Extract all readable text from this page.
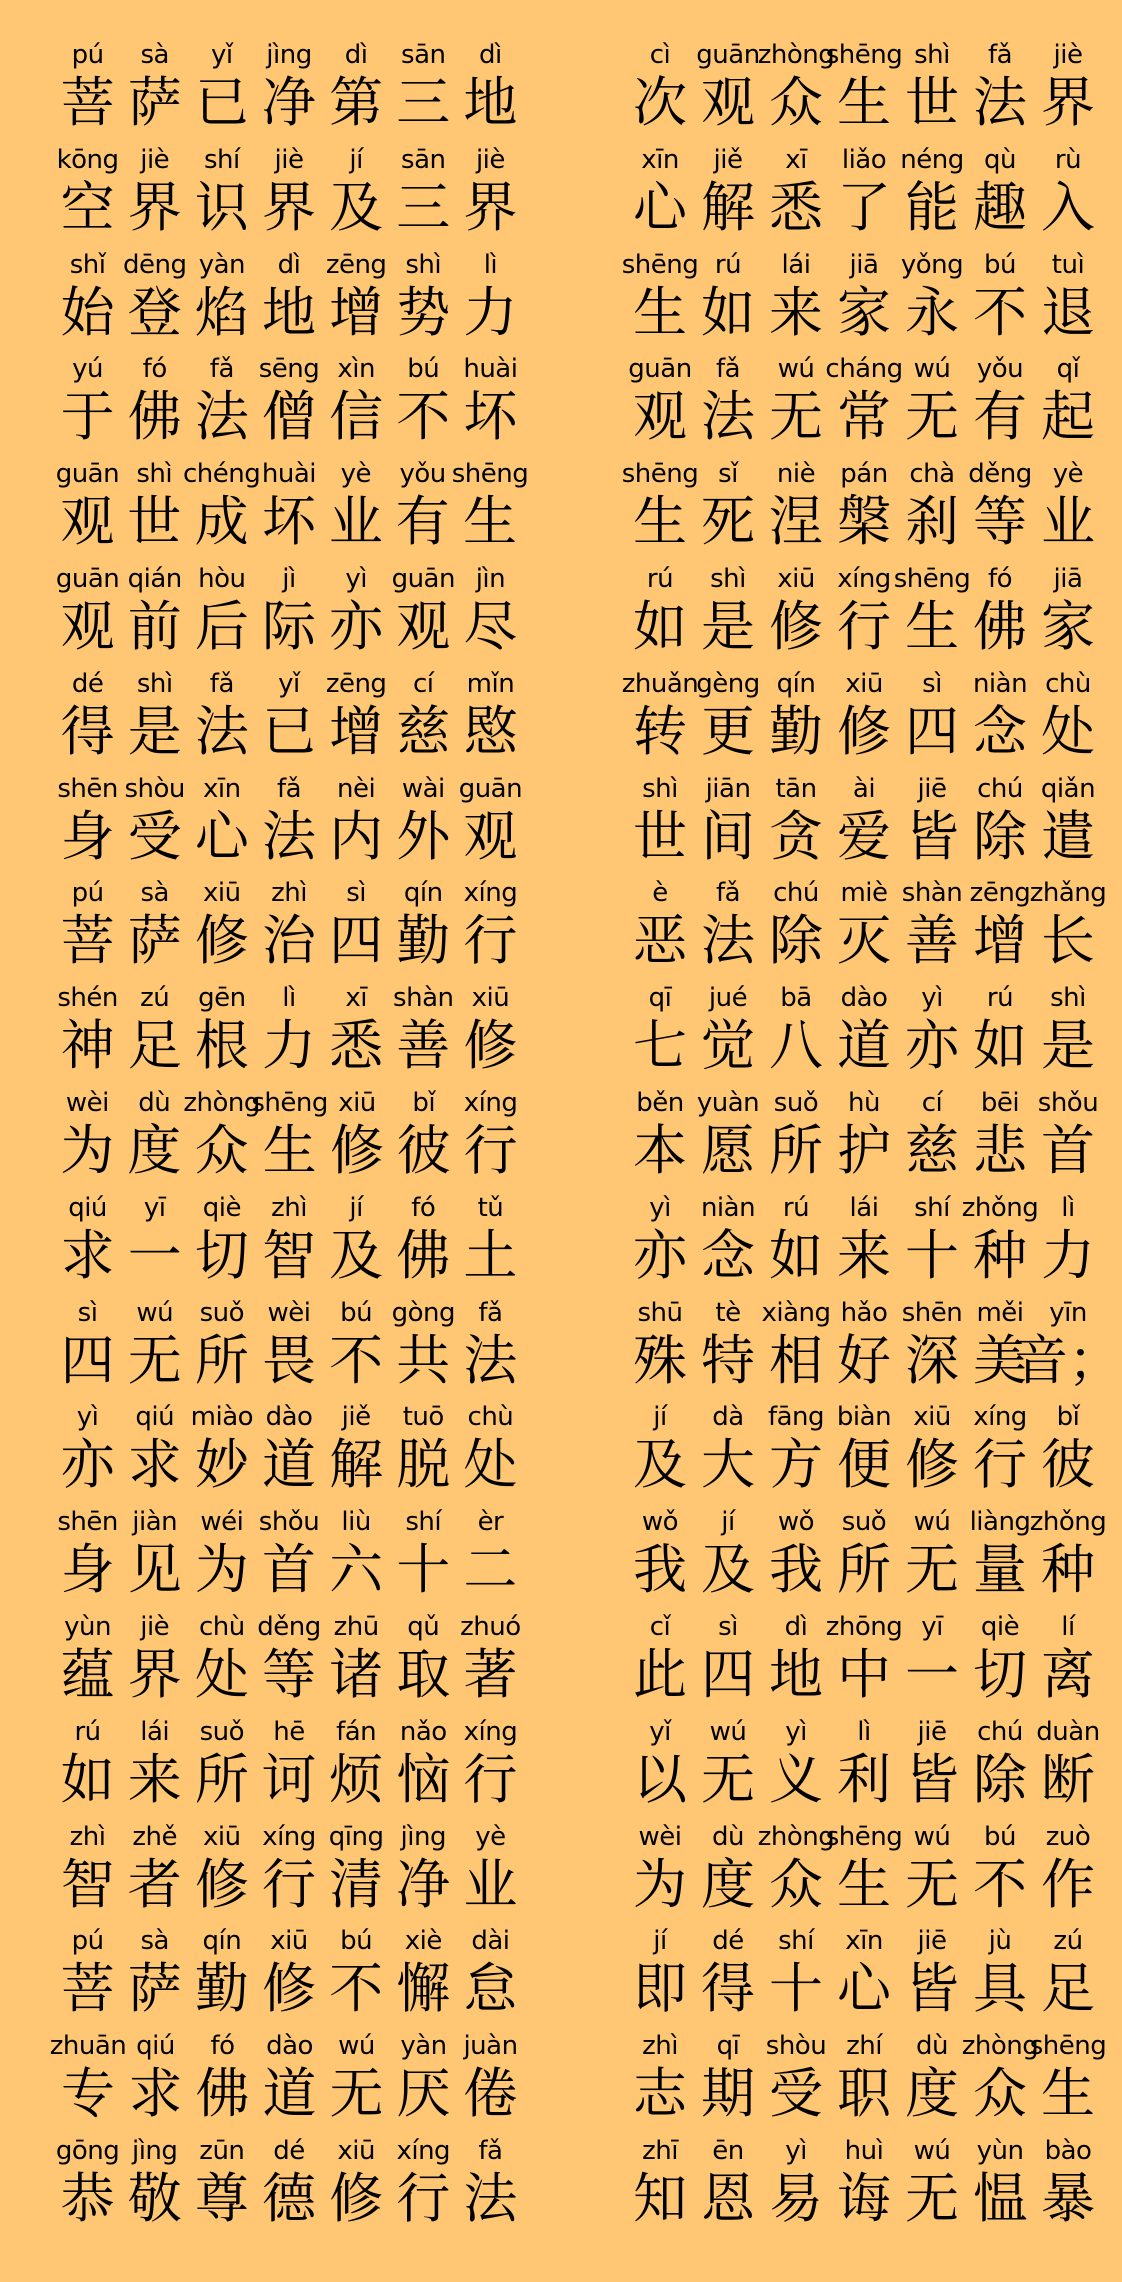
pú
菩
sà
萨
yǐ
已
jìng
净
dì
第
sān
三
dì
地
cì
次
guān
观
zhòng
众
shēng
生
shì
世
fǎ
法
jiè
界
kōng
空
jiè
界
shí
识
jiè
界
jí
及
sān
三
jiè
界
xīn
心
jiě
解
xī
悉
liǎo
了
néng
能
qù
趣
rù
入
shǐ
始
dēng
登
yàn
焰
dì
地
zēng
增
shì
势
lì
力
shēng
生
rú
如
lái
来
jiā
家
yǒng
永
bú
不
tuì
退
yú
于
fó
佛
fǎ
法
sēng
僧
xìn
信
bú
不
huài
坏
guān
观
fǎ
法
wú
无
cháng
常
wú
无
yǒu
有
qǐ
起
guān
观
shì
世
chéng
成
huài
坏
yè
业
yǒu
有
shēng
生
shēng
生
sǐ
死
niè
涅
pán
槃
chà
刹
děng
等
yè
业
guān
观
qián
前
hòu
后
jì
际
yì
亦
guān
观
jìn
尽
rú
如
shì
是
xiū
修
xíng
行
shēng
生
fó
佛
jiā
家
dé
得
shì
是
fǎ
法
yǐ
已
zēng
增
cí
慈
mǐn
愍
zhuǎn
转
gèng
更
qín
勤
xiū
修
sì
四
niàn
念
chù
处
shēn
身
shòu
受
xīn
心
fǎ
法
nèi
内
wài
外
guān
观
shì
世
jiān
间
tān
贪
ài
爱
jiē
皆
chú
除
qiǎn
遣
pú
菩
sà
萨
xiū
修
zhì
治
sì
四
qín
勤
xíng
行
è
恶
fǎ
法
chú
除
miè
灭
shàn
善
zēng
增
zhǎng
长
shén
神
zú
足
gēn
根
lì
力
xī
悉
shàn
善
xiū
修
qī
七
jué
觉
bā
八
dào
道
yì
亦
rú
如
shì
是
wèi
为
dù
度
zhòng
众
shēng
生
xiū
修
bǐ
彼
xíng
行
běn
本
yuàn
愿
suǒ
所
hù
护
cí
慈
bēi
悲
shǒu
首
qiú
求
yī
一
qiè
切
zhì
智
jí
及
fó
佛
tǔ
土
yì
亦
niàn
念
rú
如
lái
来
shí
十
zhǒng
种
lì
力
sì
四
wú
无
suǒ
所
wèi
畏
bú
不
gòng
共
fǎ
法
shū
殊
tè
特
xiàng
相
hǎo
好
shēn
深
měi
美
yīn
音；
yì
亦
qiú
求
miào
妙
dào
道
jiě
解
tuō
脱
chù
处
jí
及
dà
大
fāng
方
biàn
便
xiū
修
xíng
行
bǐ
彼
shēn
身
jiàn
见
wéi
为
shǒu
首
liù
六
shí
十
èr
二
wǒ
我
jí
及
wǒ
我
suǒ
所
wú
无
liàng
量
zhǒng
种
yùn
蕴
jiè
界
chù
处
děng
等
zhū
诸
qǔ
取
zhuó
著
cǐ
此
sì
四
dì
地
zhōng
中
yī
一
qiè
切
lí
离
rú
如
lái
来
suǒ
所
hē
诃
fán
烦
nǎo
恼
xíng
行
yǐ
以
wú
无
yì
义
lì
利
jiē
皆
chú
除
duàn
断
zhì
智
zhě
者
xiū
修
xíng
行
qīng
清
jìng
净
yè
业
wèi
为
dù
度
zhòng
众
shēng
生
wú
无
bú
不
zuò
作
pú
菩
sà
萨
qín
勤
xiū
修
bú
不
xiè
懈
dài
怠
jí
即
dé
得
shí
十
xīn
心
jiē
皆
jù
具
zú
足
zhuān
专
qiú
求
fó
佛
dào
道
wú
无
yàn
厌
juàn
倦
zhì
志
qī
期
shòu
受
zhí
职
dù
度
zhòng
众
shēng
生
gōng
恭
jìng
敬
zūn
尊
dé
德
xiū
修
xíng
行
fǎ
法
zhī
知
ēn
恩
yì
易
huì
诲
wú
无
yùn
愠
bào
暴
